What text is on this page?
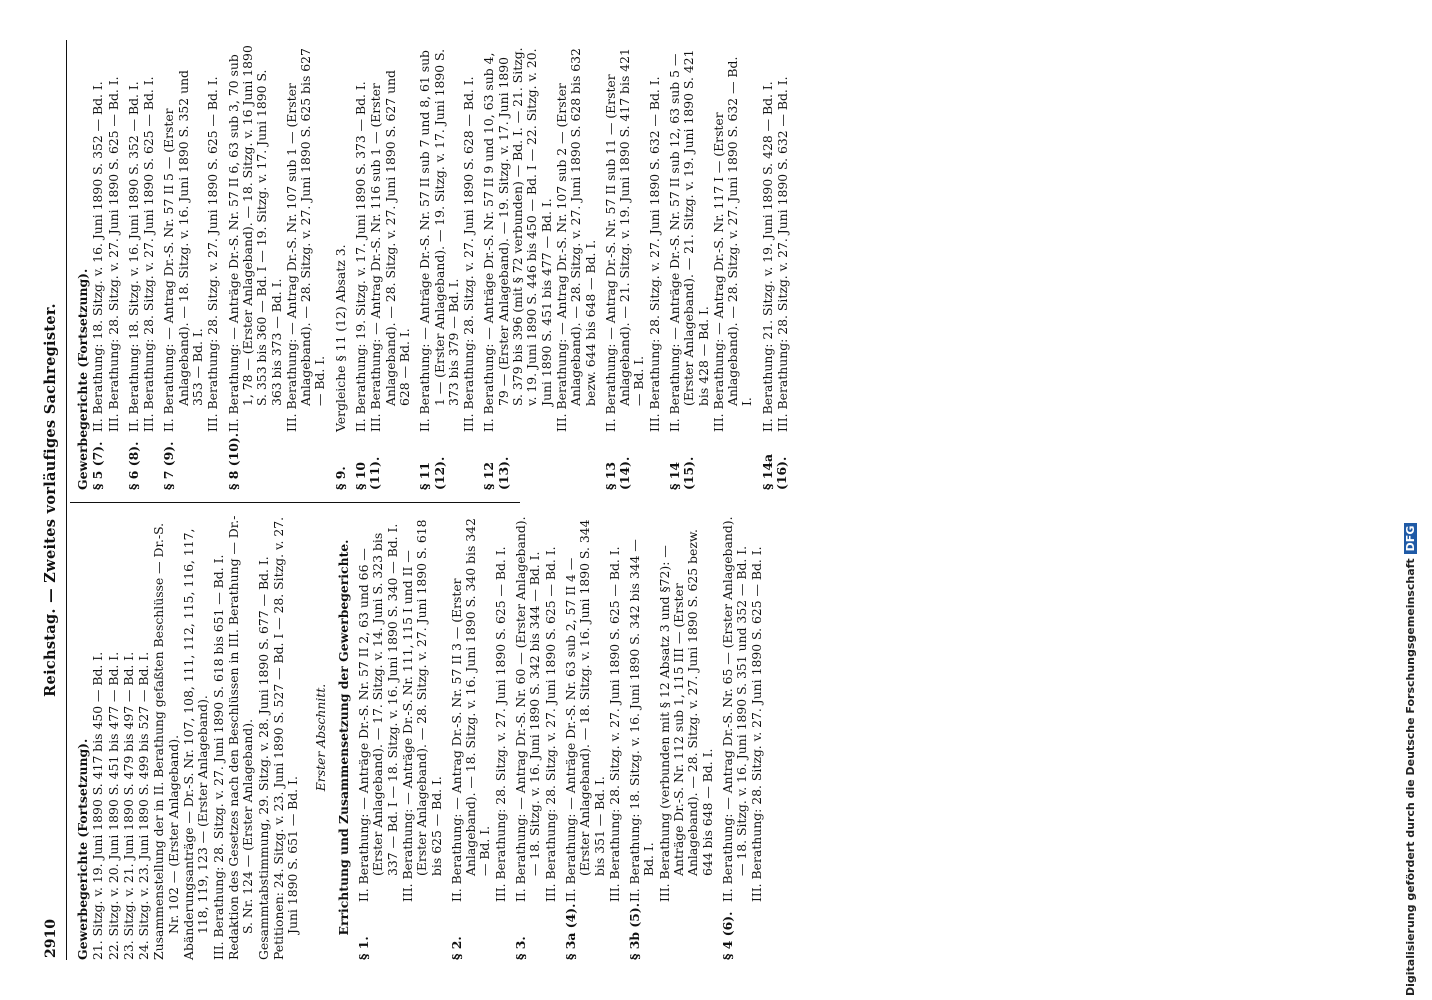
2910
Reichstag. — Zweites vorläufiges Sachregister.
Gewerbegerichte (Fortsetzung). 21. Sitzg. v. 19. Juni 1890 S. 417 bis 450 — Bd. I. 22. Sitzg. v. 20. Juni 1890 S. 451 bis 477 — Bd. I. 23. Sitzg. v. 21. Juni 1890 S. 479 bis 497 — Bd. I. 24. Sitzg. v. 23. Juni 1890 S. 499 bis 527 — Bd. I. Zusammenstellung der in II. Berathung gefaßten Beschlüsse — Dr.-S. Nr. 102 — (Erster Anlageband). Abänderungsanträge — Dr.-S. Nr. 107, 108, 111, 112, 115, 116, 117, 118, 119, 123 — (Erster Anlageband). III. Berathung: 28. Sitzg. v. 27. Juni 1890 S. 618 bis 651 — Bd. I. Redaktion des Gesetzes nach den Beschlüssen in III. Berathung — Dr.-S. Nr. 124 — (Erster Anlageband). Gesammtabstimmung, 29. Sitzg. v. 28. Juni 1890 S. 677 — Bd. I. Petitionen: 24. Sitzg. v. 23. Juni 1890 S. 527 — Bd. I — 28. Sitzg. v. 27. Juni 1890 S. 651 — Bd. I.
Erster Abschnitt. Errichtung und Zusammensetzung der Gewerbegerichte.
§ 1.
II. Berathung: — Anträge Dr.-S. Nr. 57 II 2, 63 und 66 — (Erster Anlageband). — 17. Sitzg. v. 14. Juni S. 323 bis 337 — Bd. I — 18. Sitzg. v. 16. Juni 1890 S. 340 — Bd. I. III. Berathung: — Anträge Dr.-S. Nr. 111, 115 I und II — (Erster Anlageband). — 28. Sitzg. v. 27. Juni 1890 S. 618 bis 625 — Bd. I.
§ 2.
II. Berathung: — Antrag Dr.-S. Nr. 57 II 3 — (Erster Anlageband). — 18. Sitzg. v. 16. Juni 1890 S. 340 bis 342 — Bd. I. III. Berathung: 28. Sitzg. v. 27. Juni 1890 S. 625 — Bd. I.
§ 3.
II. Berathung: — Antrag Dr.-S. Nr. 60 — (Erster Anlageband). — 18. Sitzg. v. 16. Juni 1890 S. 342 bis 344 — Bd. I. III. Berathung: 28. Sitzg. v. 27. Juni 1890 S. 625 — Bd. I.
§ 3a (4).
II. Berathung: — Anträge Dr.-S. Nr. 63 sub 2, 57 II 4 — (Erster Anlageband). — 18. Sitzg. v. 16. Juni 1890 S. 344 bis 351 — Bd. I. III. Berathung: 28. Sitzg. v. 27. Juni 1890 S. 625 — Bd. I.
§ 3b (5).
II. Berathung: 18. Sitzg. v. 16. Juni 1890 S. 342 bis 344 — Bd. I. III. Berathung (verbunden mit § 12 Absatz 3 und §72): — Anträge Dr.-S. Nr. 112 sub 1, 115 III — (Erster Anlageband). — 28. Sitzg. v. 27. Juni 1890 S. 625 bezw. 644 bis 648 — Bd. I.
§ 4 (6).
II. Berathung: — Antrag Dr.-S. Nr. 65 — (Erster Anlageband). — 18. Sitzg. v. 16. Juni 1890 S. 351 und 352 — Bd. I. III. Berathung: 28. Sitzg. v. 27. Juni 1890 S. 625 — Bd. I.
Gewerbegerichte (Fortsetzung). § 5 (7).
II. Berathung: 18. Sitzg. v. 16. Juni 1890 S. 352 — Bd. I. III. Berathung: 28. Sitzg. v. 27. Juni 1890 S. 625 — Bd. I.
§ 6 (8).
II. Berathung: 18. Sitzg. v. 16. Juni 1890 S. 352 — Bd. I. III. Berathung: 28. Sitzg. v. 27. Juni 1890 S. 625 — Bd. I.
§ 7 (9).
II. Berathung: — Antrag Dr.-S. Nr. 57 II 5 — (Erster Anlageband). — 18. Sitzg. v. 16. Juni 1890 S. 352 und 353 — Bd. I. III. Berathung: 28. Sitzg. v. 27. Juni 1890 S. 625 — Bd. I.
§ 8 (10).
II. Berathung: — Anträge Dr.-S. Nr. 57 II 6, 63 sub 3, 70 sub 1, 78 — (Erster Anlageband). — 18. Sitzg. v. 16 Juni 1890 S. 353 bis 360 — Bd. I — 19. Sitzg. v. 17. Juni 1890 S. 363 bis 373 — Bd. I. III. Berathung: — Antrag Dr.-S. Nr. 107 sub 1 — (Erster Anlageband). — 28. Sitzg. v. 27. Juni 1890 S. 625 bis 627 — Bd. I.
§ 9.
Vergleiche § 11 (12) Absatz 3.
§ 10 (11).
II. Berathung: 19. Sitzg. v. 17. Juni 1890 S. 373 — Bd. I. III. Berathung: — Antrag Dr.-S. Nr. 116 sub 1 — (Erster Anlageband). — 28. Sitzg. v. 27. Juni 1890 S. 627 und 628 — Bd. I.
§ 11 (12).
II. Berathung: — Anträge Dr.-S. Nr. 57 II sub 7 und 8, 61 sub 1 — (Erster Anlageband). — 19. Sitzg. v. 17. Juni 1890 S. 373 bis 379 — Bd. I. III. Berathung: 28. Sitzg. v. 27. Juni 1890 S. 628 — Bd. I.
§ 12 (13).
II. Berathung: — Anträge Dr.-S. Nr. 57 II 9 und 10, 63 sub 4, 79 — (Erster Anlageband). — 19. Sitzg. v. 17. Juni 1890 S. 379 bis 396 (mit § 72 verbunden) — Bd. I. — 21. Sitzg. v. 19. Juni 1890 S. 446 bis 450 — Bd. I — 22. Sitzg. v. 20. Juni 1890 S. 451 bis 477 — Bd. I. III. Berathung: — Antrag Dr.-S. Nr. 107 sub 2 — (Erster Anlageband). — 28. Sitzg. v. 27. Juni 1890 S. 628 bis 632 bezw. 644 bis 648 — Bd. I.
§ 13 (14).
II. Berathung: — Antrag Dr.-S. Nr. 57 II sub 11 — (Erster Anlageband). — 21. Sitzg. v. 19. Juni 1890 S. 417 bis 421 — Bd. I. III. Berathung: 28. Sitzg. v. 27. Juni 1890 S. 632 — Bd. I.
§ 14 (15).
II. Berathung: — Anträge Dr.-S. Nr. 57 II sub 12, 63 sub 5 — (Erster Anlageband). — 21. Sitzg. v. 19. Juni 1890 S. 421 bis 428 — Bd. I. III. Berathung: — Antrag Dr.-S. Nr. 117 I — (Erster Anlageband). — 28. Sitzg. v. 27. Juni 1890 S. 632 — Bd. I.
§ 14a (16).
II. Berathung: 21. Sitzg. v. 19. Juni 1890 S. 428 — Bd. I. III. Berathung: 28. Sitzg. v. 27. Juni 1890 S. 632 — Bd. I.
Digitalisierung gefördert durch die Deutsche ForschungsgemeinschaftDFG
